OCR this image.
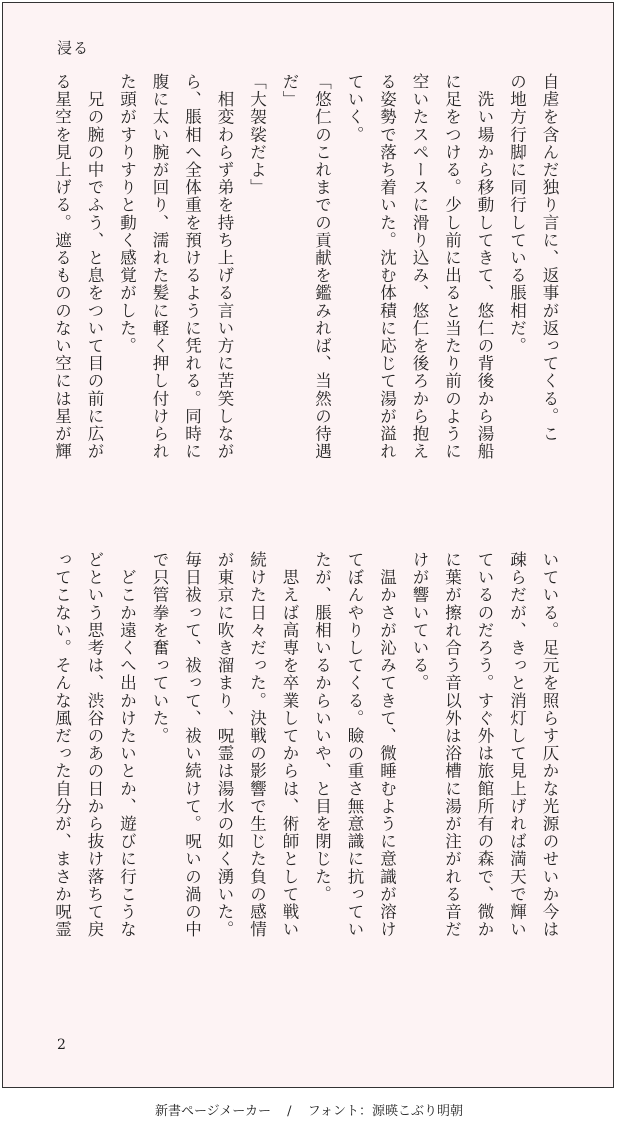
浸る
自虐を含んだ独り言に、返事が返ってくる。こ
の地方行脚に同行している脹相だ。
　洗い場から移動してきて、悠仁の背後から湯船
に足をつける。少し前に出ると当たり前のように
空いたスペースに滑り込み、悠仁を後ろから抱え
る姿勢で落ち着いた。沈む体積に応じて湯が溢れ
ていく。
「悠仁のこれまでの貢献を鑑みれば、当然の待遇
だ」
「大袈裟だよ」
　相変わらず弟を持ち上げる言い方に苦笑しなが
ら、脹相へ全体重を預けるように凭れる。同時に
腹に太い腕が回り、濡れた髪に軽く押し付けられ
た頭がすりすりと動く感覚がした。
　兄の腕の中でふう、と息をついて目の前に広が
る星空を見上げる。遮るもののない空には星が輝
いている。足元を照らす仄かな光源のせいか今は
疎らだが、きっと消灯して見上げれば満天で輝い
ているのだろう。すぐ外は旅館所有の森で、微か
に葉が擦れ合う音以外は浴槽に湯が注がれる音だ
けが響いている。
　温かさが沁みてきて、微睡むように意識が溶け
てぼんやりしてくる。瞼の重さ無意識に抗ってい
たが、脹相いるからいいや、と目を閉じた。
　思えば高専を卒業してからは、術師として戦い
続けた日々だった。決戦の影響で生じた負の感情
が東京に吹き溜まり、呪霊は湯水の如く湧いた。
毎日祓って、祓って、祓い続けて。呪いの渦の中
で只管拳を奮っていた。
　どこか遠くへ出かけたいとか、遊びに行こうな
どという思考は、渋谷のあの日から抜け落ちて戻
ってこない。そんな風だった自分が、まさか呪霊
2
新書ページメーカー / フォント：源暎こぶり明朝
